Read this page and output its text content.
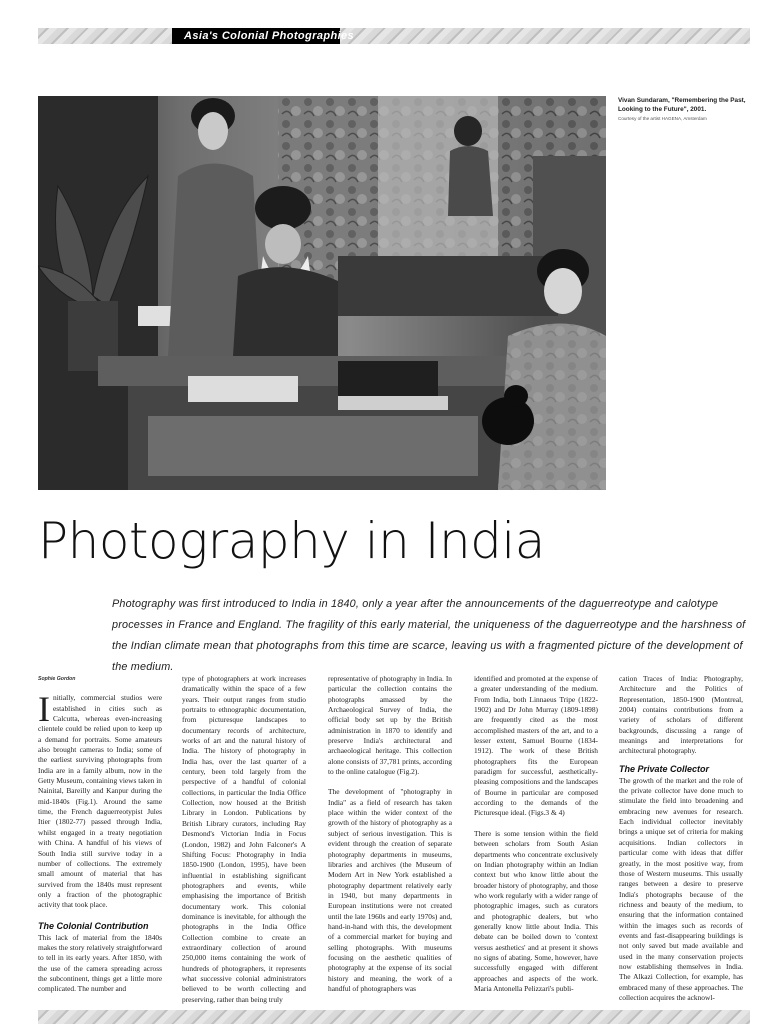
Asia's Colonial Photographies
Vivan Sundaram, "Remembering the Past, Looking to the Future", 2001.
Courtesy of the artist HAGENA, Amsterdam
Photography in India
Photography was first introduced to India in 1840, only a year after the announcements of the daguerreotype and calotype processes in France and England. The fragility of this early material, the uniqueness of the daguerreotype and the harshness of the Indian climate mean that photographs from this time are scarce, leaving us with a fragmented picture of the development of the medium.
Sophie Gordon

Initially, commercial studios were established in cities such as Calcutta, whereas even-increasing clientele could be relied upon to keep up a demand for portraits. Some amateurs also brought cameras to India; some of the earliest surviving photographs from India are in a family album, now in the Getty Museum, containing views taken in Nainital, Bareilly and Kanpur during the mid-1840s (Fig.1). Around the same time, the French daguerreotypist Jules Itier (1802-77) passed through India, whilst engaged in a treaty negotiation with China. A handful of his views of South India still survive today in a number of collections. The extremely small amount of material that has survived from the 1840s must represent only a fraction of the photographic activity that took place.

The Colonial Contribution

This lack of material from the 1840s makes the story relatively straightforward to tell in its early years. After 1850, with the use of the camera spreading across the subcontinent, things get a little more complicated. The number and

type of photographers at work increases dramatically within the space of a few years. Their output ranges from studio portraits to ethnographic documentation, from picturesque landscapes to documentary records of architecture, works of art and the natural history of India. The history of photography in India has, over the last quarter of a century, been told largely from the perspective of a handful of colonial collections, in particular the India Office Collection, now housed at the British Library in London. Publications by British Library curators, including Ray Desmond's Victorian India in Focus (London, 1982) and John Falconer's A Shifting Focus: Photography in India 1850-1900 (London, 1995), have been influential in establishing significant photographers and events, while emphasising the importance of British documentary work. This colonial dominance is inevitable, for although the photographs in the India Office Collection combine to create an extraordinary collection of around 250,000 items containing the work of hundreds of photographers, it represents what successive colonial administrators believed to be worth collecting and preserving, rather than being truly

representative of photography in India. In particular the collection contains the photographs amassed by the Archaeological Survey of India, the official body set up by the British administration in 1870 to identify and preserve India's architectural and archaeological heritage. This collection alone consists of 37,781 prints, according to the online catalogue (Fig.2).

The development of "photography in India" as a field of research has taken place within the wider context of the growth of the history of photography as a subject of serious investigation. This is evident through the creation of separate photography departments in museums, libraries and archives (the Museum of Modern Art in New York established a photography department relatively early in 1940, but many departments in European institutions were not created until the late 1960s and early 1970s) and, hand-in-hand with this, the development of a commercial market for buying and selling photographs. With museums focusing on the aesthetic qualities of photography at the expense of its social history and meaning, the work of a handful of photographers was

identified and promoted at the expense of a greater understanding of the medium. From India, both Linnaeus Tripe (1822-1902) and Dr John Murray (1809-1898) are frequently cited as the most accomplished masters of the art, and to a lesser extent, Samuel Bourne (1834-1912). The work of these British photographers fits the European paradigm for successful, aesthetically-pleasing compositions and the landscapes of Bourne in particular are composed according to the demands of the Picturesque ideal. (Figs.3 & 4)

There is some tension within the field between scholars from South Asian departments who concentrate exclusively on Indian photography within an Indian context but who know little about the broader history of photography, and those who work regularly with a wider range of photographic images, such as curators and photographic dealers, but who generally know little about India. This debate can be boiled down to 'context versus aesthetics' and at present it shows no signs of abating. Some, however, have successfully engaged with different approaches and aspects of the work. Maria Antonella Pelizzari's publi-

cation Traces of India: Photography, Architecture and the Politics of Representation, 1850-1900 (Montreal, 2004) contains contributions from a variety of scholars of different backgrounds, discussing a range of meanings and interpretations for architectural photography.

The Private Collector

The growth of the market and the role of the private collector have done much to stimulate the field into broadening and embracing new avenues for research. Each individual collector inevitably brings a unique set of criteria for making acquisitions. Indian collectors in particular come with ideas that differ greatly, in the most positive way, from those of Western museums. This usually ranges between a desire to preserve India's photographs because of the richness and beauty of the medium, to ensuring that the information contained within the images such as records of events and fast-disappearing buildings is not only saved but made available and used in the many conservation projects now establishing themselves in India. The Alkazi Collection, for example, has embraced many of these approaches. The collection acquires the acknowl-
